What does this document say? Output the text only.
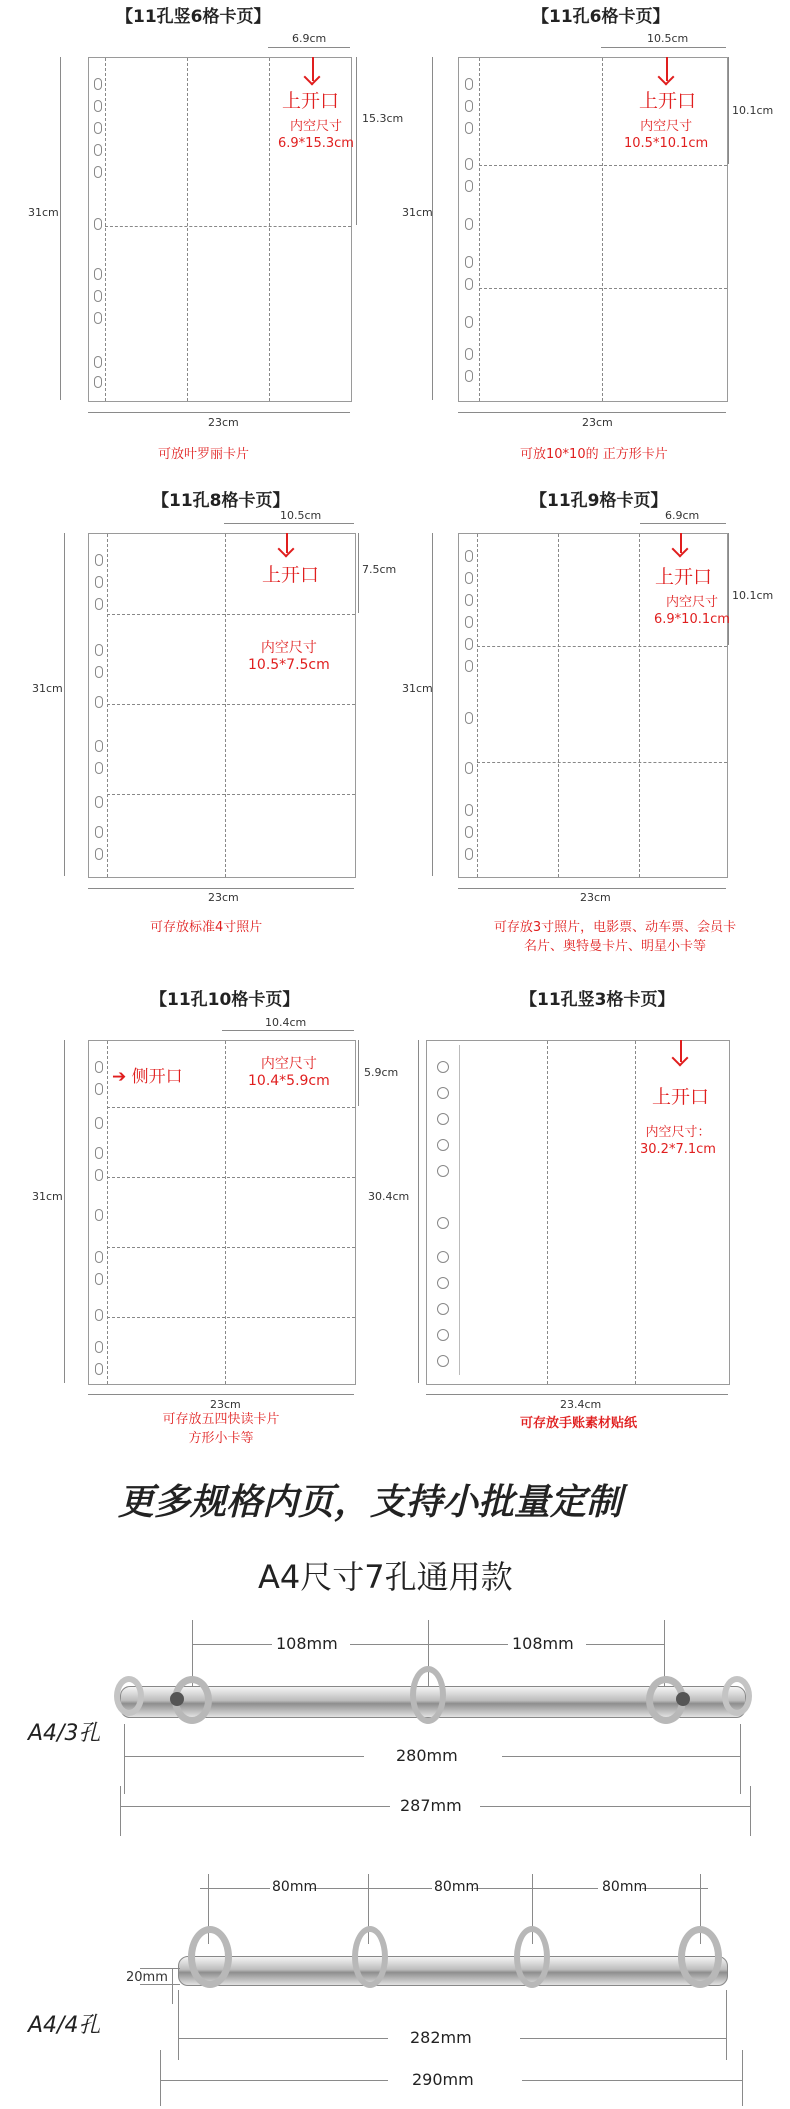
【11孔竖6格卡页】
31cm
23cm
6.9cm
15.3cm
上开口
内空尺寸
6.9*15.3cm
可放叶罗丽卡片
【11孔6格卡页】
31cm
23cm
10.5cm
10.1cm
上开口
内空尺寸
10.5*10.1cm
可放10*10的 正方形卡片
【11孔8格卡页】
31cm
23cm
10.5cm
7.5cm
上开口
内空尺寸
10.5*7.5cm
可存放标准4寸照片
【11孔9格卡页】
31cm
23cm
6.9cm
10.1cm
上开口
内空尺寸
6.9*10.1cm
可存放3寸照片，电影票、动车票、会员卡
名片、奥特曼卡片、明星小卡等
【11孔10格卡页】
31cm
23cm
10.4cm
5.9cm
➔ 侧开口
内空尺寸
10.4*5.9cm
可存放五四快读卡片
方形小卡等
【11孔竖3格卡页】
30.4cm
23.4cm
上开口
内空尺寸：
30.2*7.1cm
可存放手账素材贴纸
更多规格内页，支持小批量定制
A4尺寸7孔通用款
108mm	108mm
A4/3孔
280mm
287mm
80mm	80mm	80mm
20mm
A4/4孔	282mm
290mm
